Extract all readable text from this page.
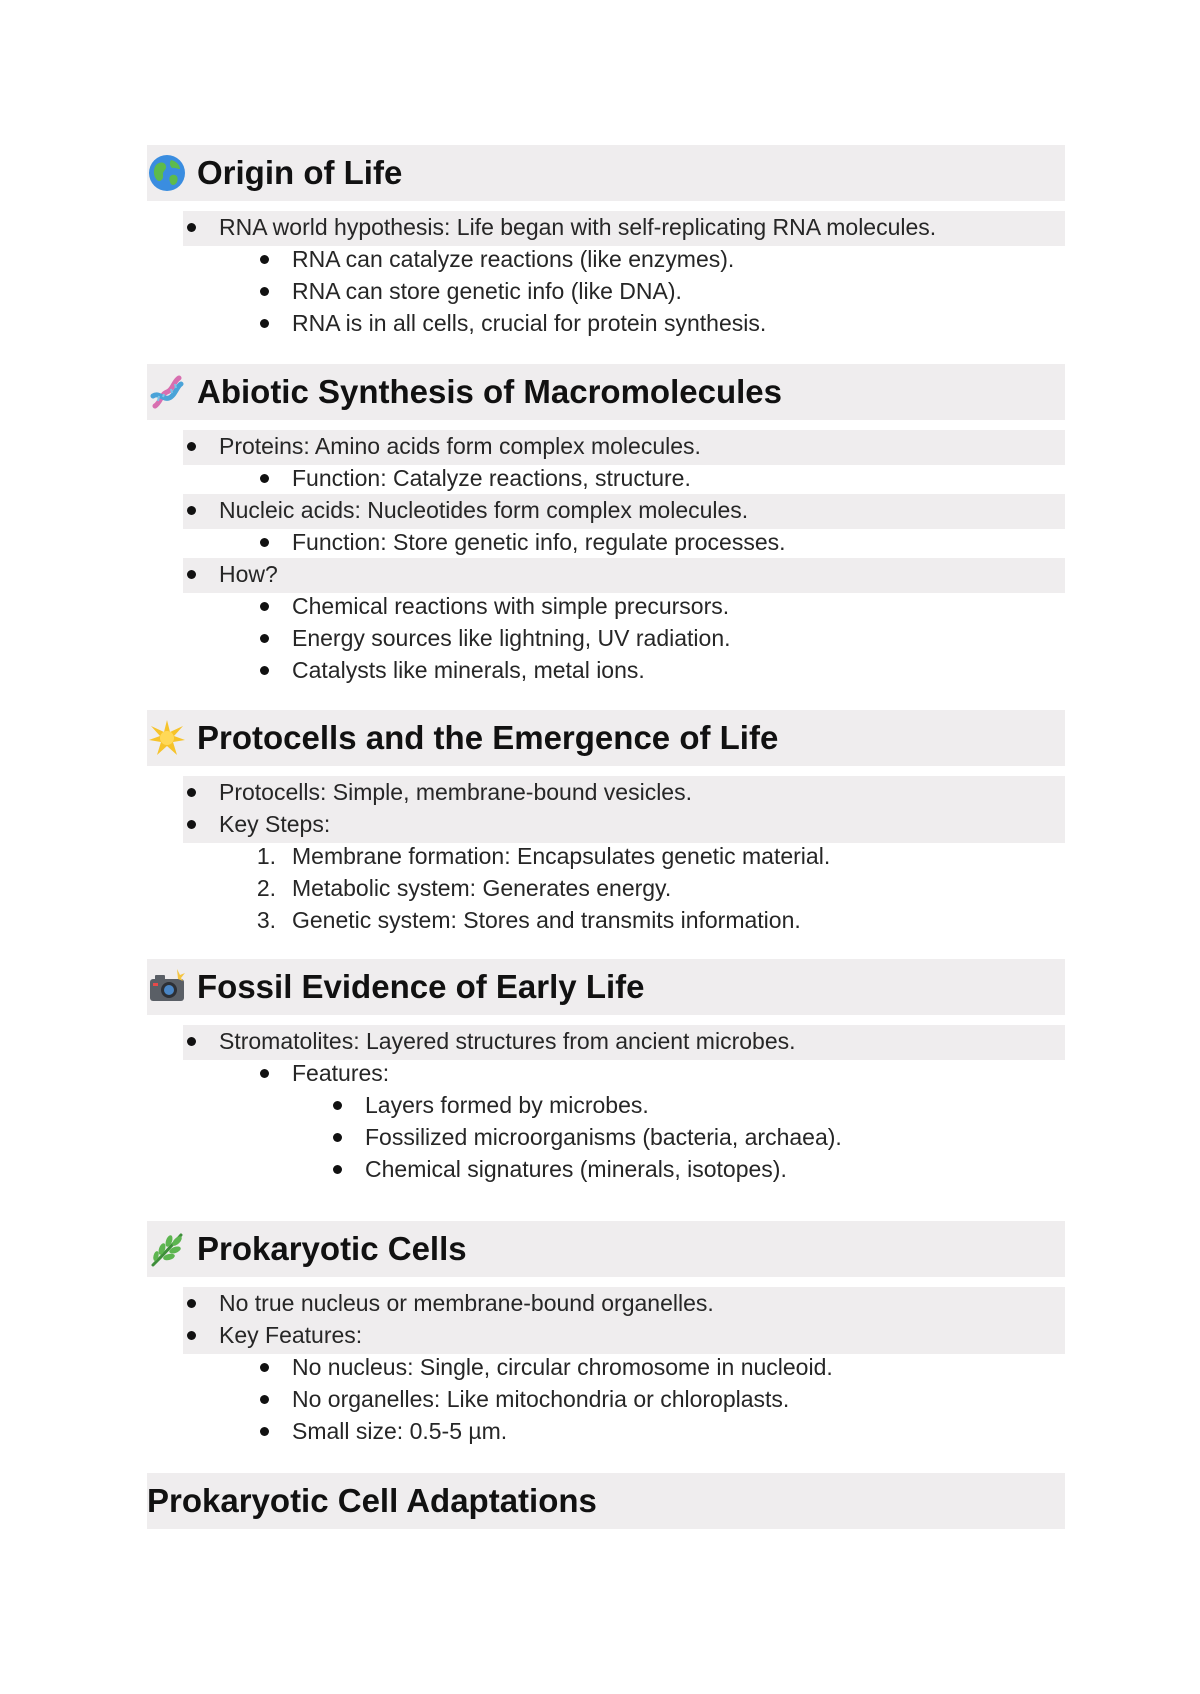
Origin of Life
RNA world hypothesis: Life began with self-replicating RNA molecules.
RNA can catalyze reactions (like enzymes).
RNA can store genetic info (like DNA).
RNA is in all cells, crucial for protein synthesis.
Abiotic Synthesis of Macromolecules
Proteins: Amino acids form complex molecules.
Function: Catalyze reactions, structure.
Nucleic acids: Nucleotides form complex molecules.
Function: Store genetic info, regulate processes.
How?
Chemical reactions with simple precursors.
Energy sources like lightning, UV radiation.
Catalysts like minerals, metal ions.
Protocells and the Emergence of Life
Protocells: Simple, membrane-bound vesicles.
Key Steps:
1. Membrane formation: Encapsulates genetic material.
2. Metabolic system: Generates energy.
3. Genetic system: Stores and transmits information.
Fossil Evidence of Early Life
Stromatolites: Layered structures from ancient microbes.
Features:
Layers formed by microbes.
Fossilized microorganisms (bacteria, archaea).
Chemical signatures (minerals, isotopes).
Prokaryotic Cells
No true nucleus or membrane-bound organelles.
Key Features:
No nucleus: Single, circular chromosome in nucleoid.
No organelles: Like mitochondria or chloroplasts.
Small size: 0.5-5 µm.
Prokaryotic Cell Adaptations
